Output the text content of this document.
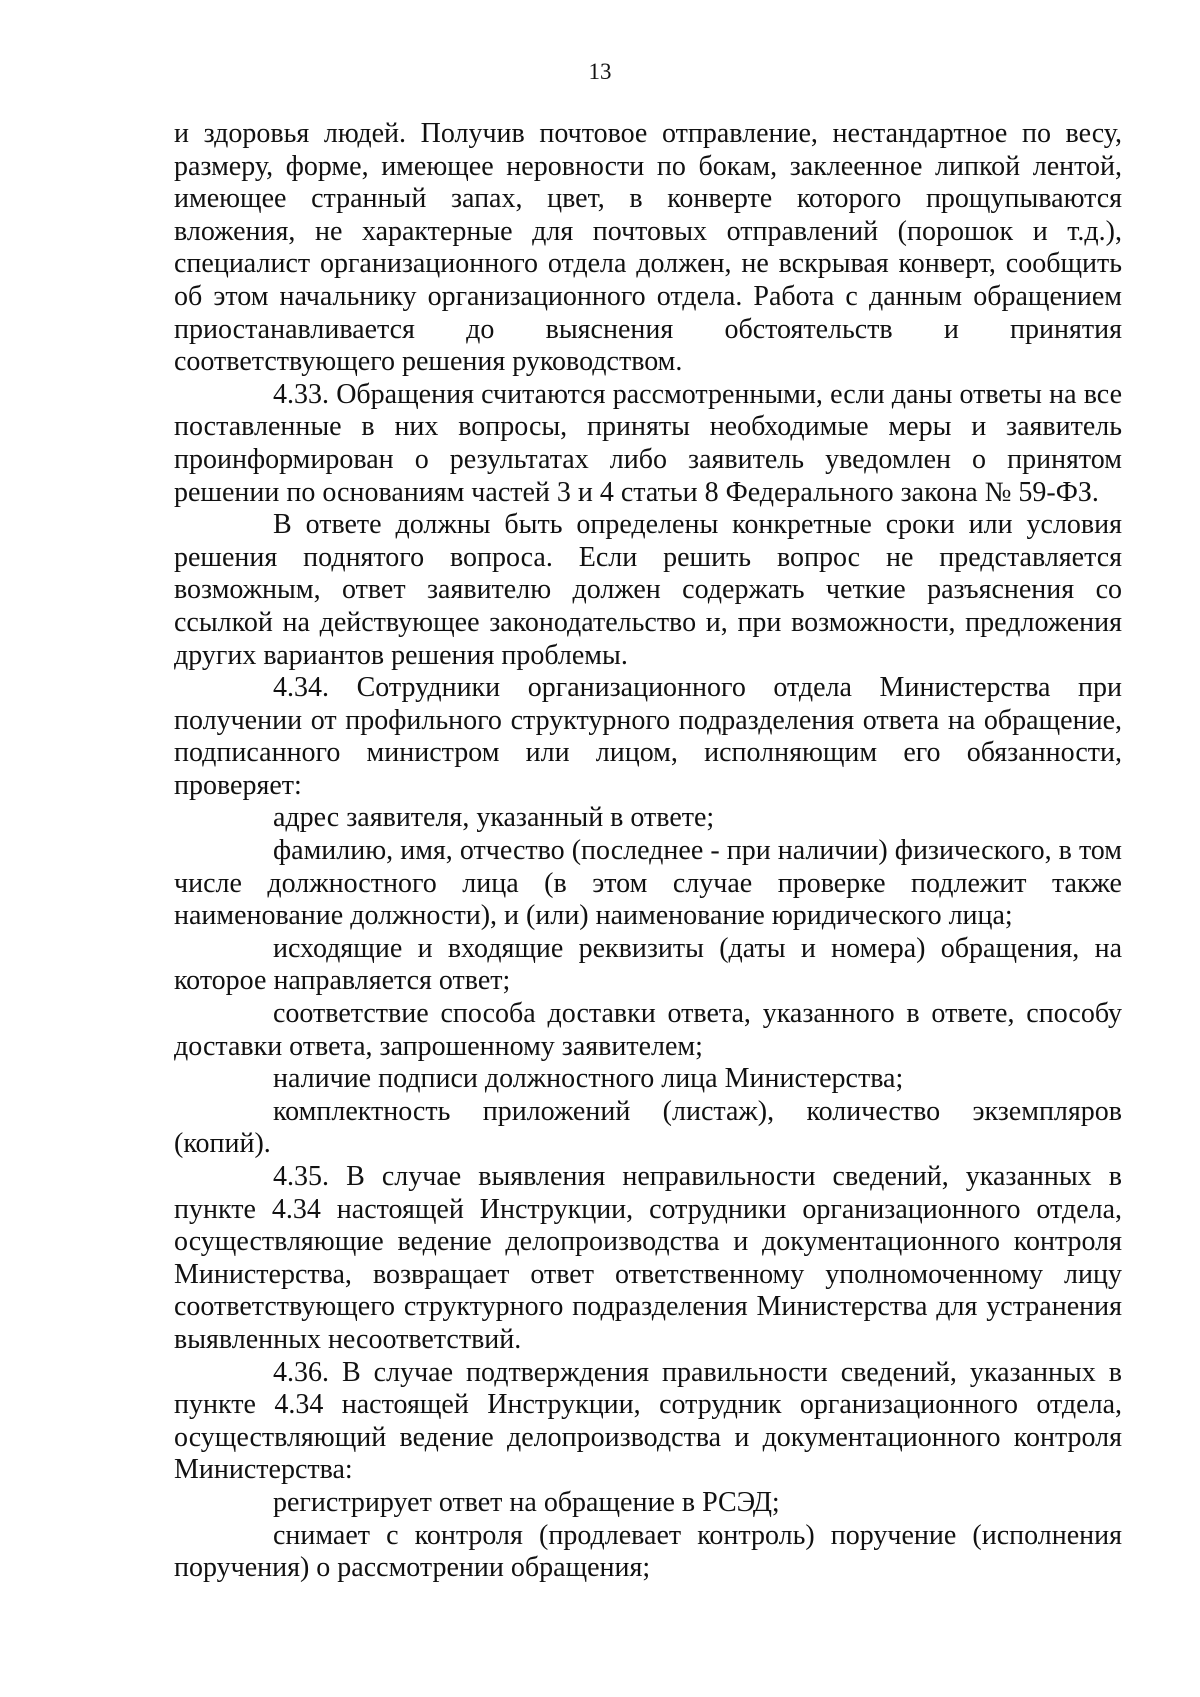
13

и здоровья людей. Получив почтовое отправление, нестандартное по весу, размеру, форме, имеющее неровности по бокам, заклеенное липкой лентой, имеющее странный запах, цвет, в конверте которого прощупываются вложения, не характерные для почтовых отправлений (порошок и т.д.), специалист организационного отдела должен, не вскрывая конверт, сообщить об этом начальнику организационного отдела. Работа с данным обращением приостанавливается до выяснения обстоятельств и принятия соответствующего решения руководством.

4.33. Обращения считаются рассмотренными, если даны ответы на все поставленные в них вопросы, приняты необходимые меры и заявитель проинформирован о результатах либо заявитель уведомлен о принятом решении по основаниям частей 3 и 4 статьи 8 Федерального закона № 59-ФЗ.

В ответе должны быть определены конкретные сроки или условия решения поднятого вопроса. Если решить вопрос не представляется возможным, ответ заявителю должен содержать четкие разъяснения со ссылкой на действующее законодательство и, при возможности, предложения других вариантов решения проблемы.

4.34. Сотрудники организационного отдела Министерства при получении от профильного структурного подразделения ответа на обращение, подписанного министром или лицом, исполняющим его обязанности, проверяет:

адрес заявителя, указанный в ответе;

фамилию, имя, отчество (последнее - при наличии) физического, в том числе должностного лица (в этом случае проверке подлежит также наименование должности), и (или) наименование юридического лица;

исходящие и входящие реквизиты (даты и номера) обращения, на которое направляется ответ;

соответствие способа доставки ответа, указанного в ответе, способу доставки ответа, запрошенному заявителем;

наличие подписи должностного лица Министерства;

комплектность приложений (листаж), количество экземпляров (копий).

4.35. В случае выявления неправильности сведений, указанных в пункте 4.34 настоящей Инструкции, сотрудники организационного отдела, осуществляющие ведение делопроизводства и документационного контроля Министерства, возвращает ответ ответственному уполномоченному лицу соответствующего структурного подразделения Министерства для устранения выявленных несоответствий.

4.36. В случае подтверждения правильности сведений, указанных в пункте 4.34 настоящей Инструкции, сотрудник организационного отдела, осуществляющий ведение делопроизводства и документационного контроля Министерства:

регистрирует ответ на обращение в РСЭД;

снимает с контроля (продлевает контроль) поручение (исполнения поручения) о рассмотрении обращения;
